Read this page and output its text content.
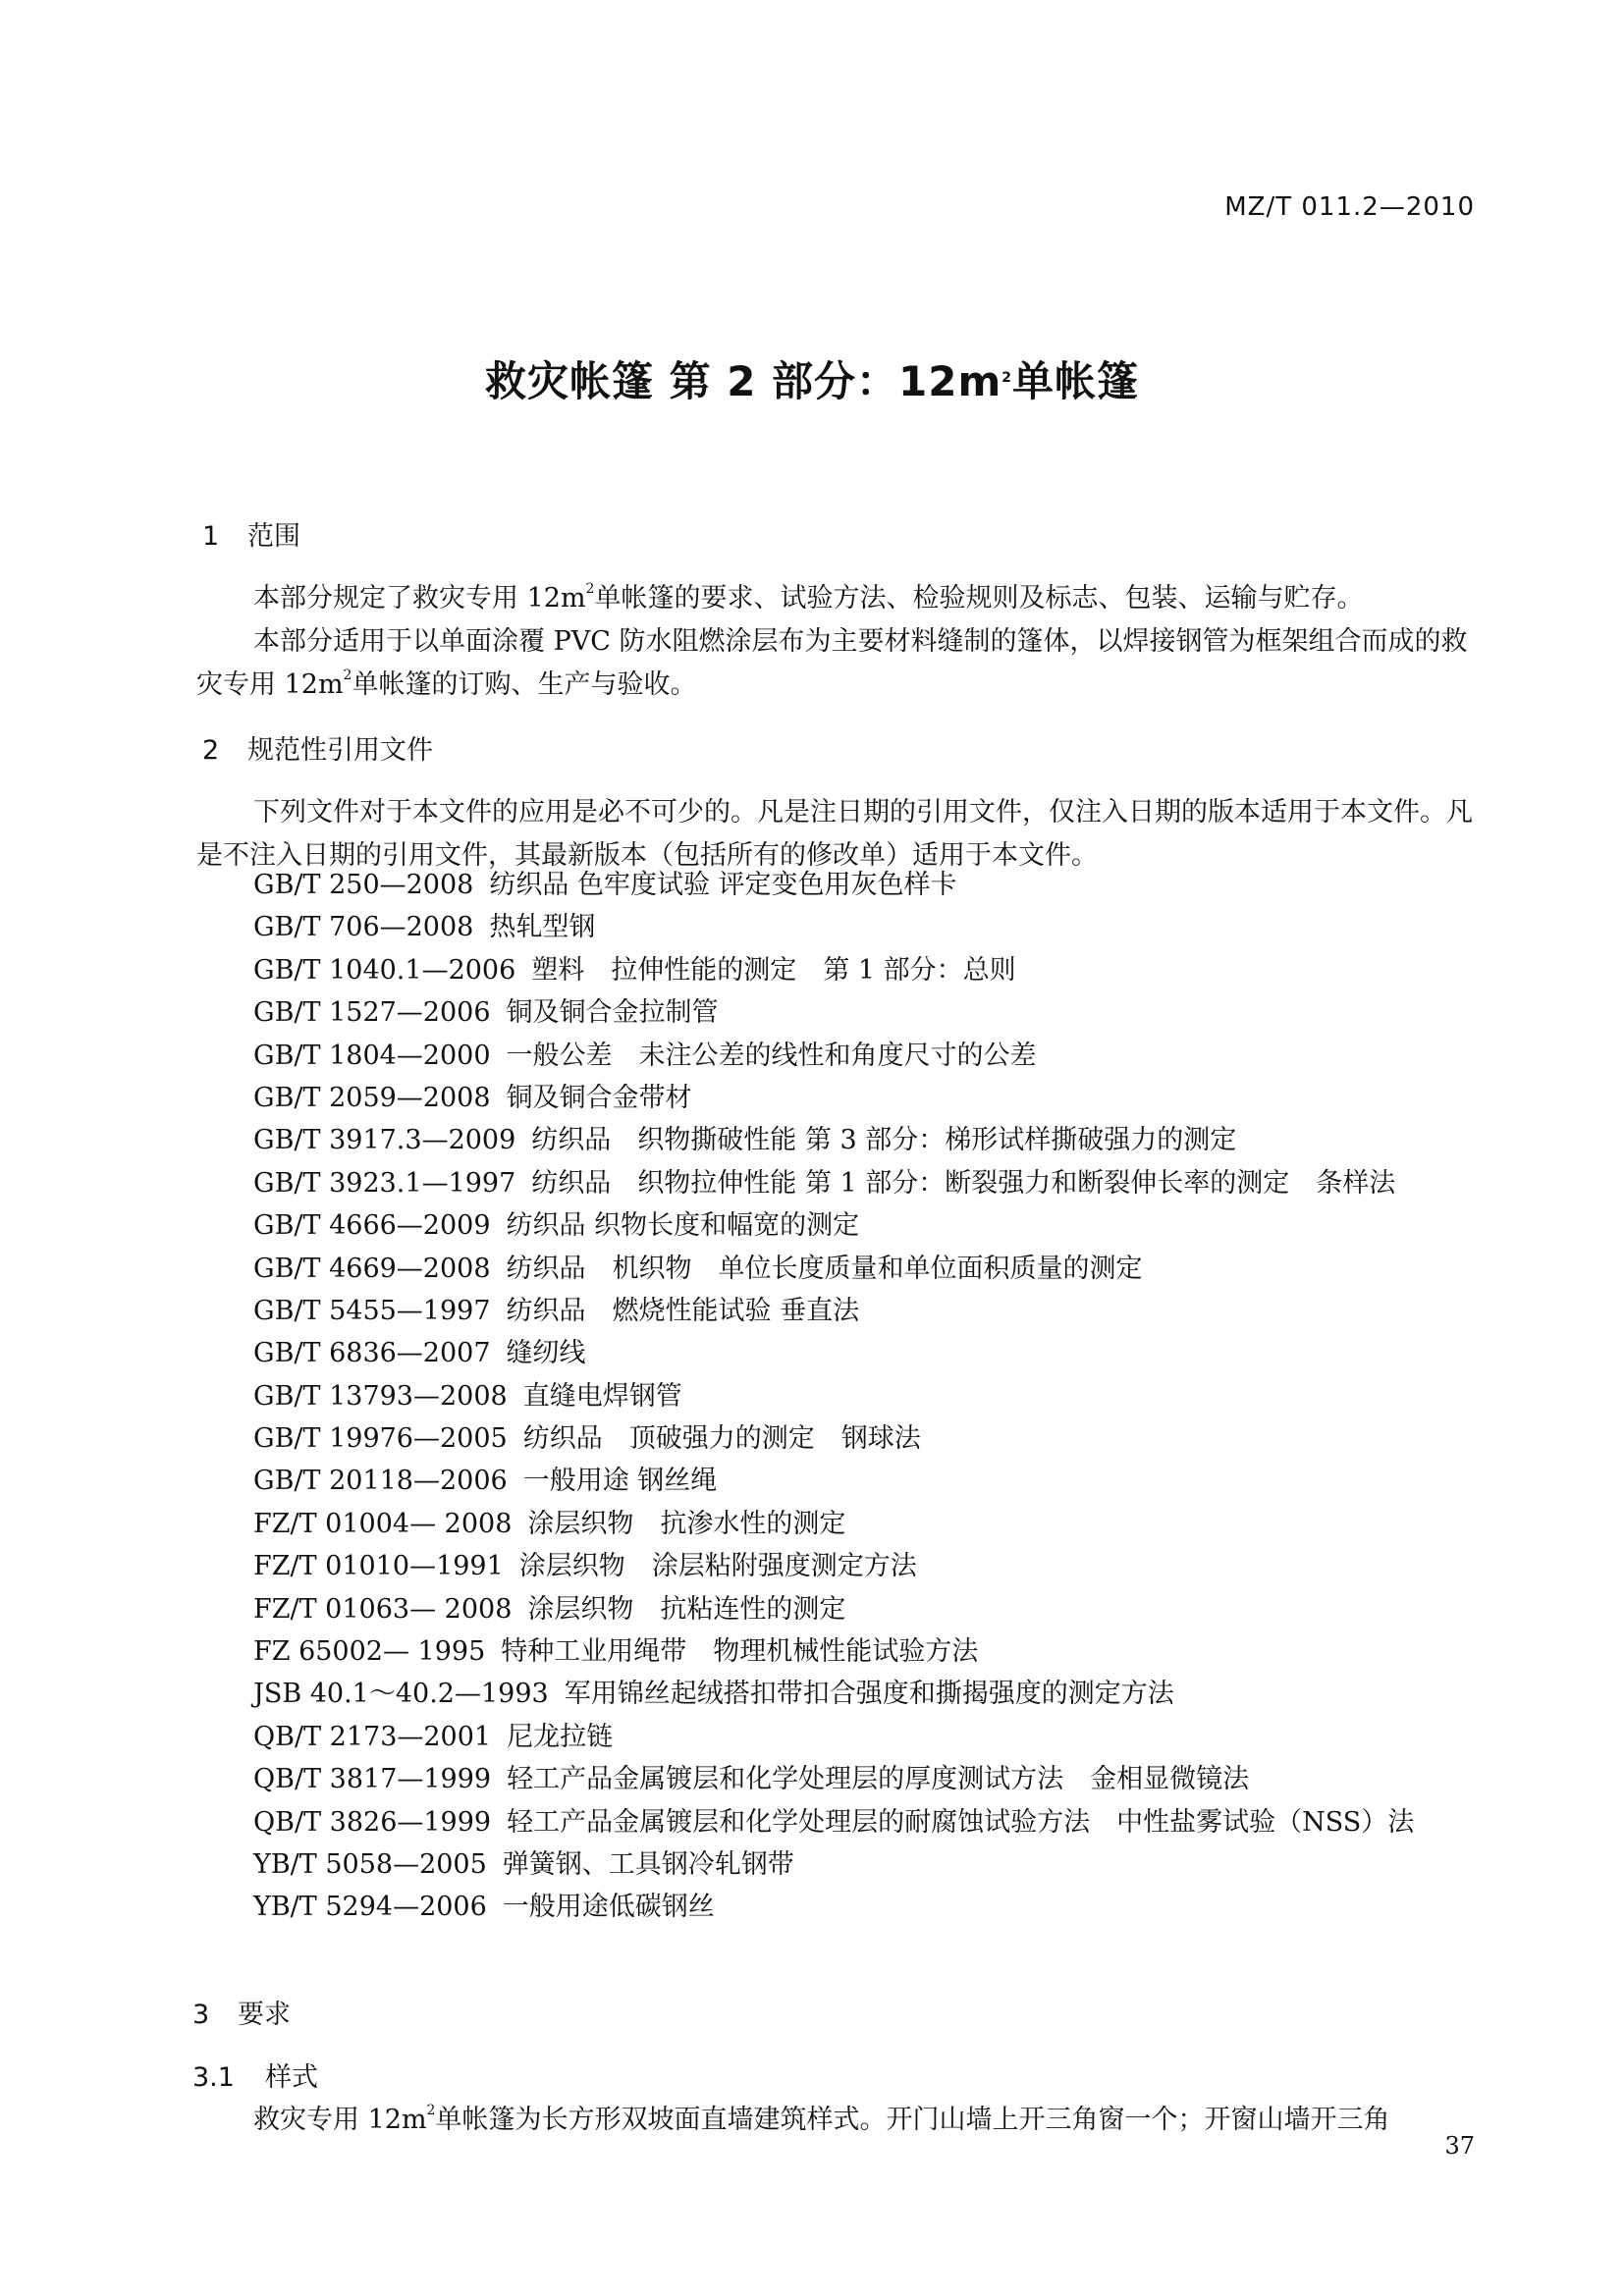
MZ/T 011.2—2010
救灾帐篷 第 2 部分：$12m^2$单帐篷
1 范围
本部分规定了救灾专用 $12m^2$单帐篷的要求、试验方法、检验规则及标志、包装、运输与贮存。
本部分适用于以单面涂覆 PVC 防水阻燃涂层布为主要材料缝制的篷体，以焊接钢管为框架组合而成的救灾专用 $12m^2$单帐篷的订购、生产与验收。
2 规范性引用文件
下列文件对于本文件的应用是必不可少的。凡是注日期的引用文件，仅注入日期的版本适用于本文件。凡是不注入日期的引用文件，其最新版本（包括所有的修改单）适用于本文件。
GB/T 250—2008 纺织品 色牢度试验 评定变色用灰色样卡
GB/T 706—2008 热轧型钢
GB/T 1040.1—2006 塑料　拉伸性能的测定　第 1 部分：总则
GB/T 1527—2006 铜及铜合金拉制管
GB/T 1804—2000 一般公差　未注公差的线性和角度尺寸的公差
GB/T 2059—2008 铜及铜合金带材
GB/T 3917.3—2009 纺织品　织物撕破性能 第 3 部分：梯形试样撕破强力的测定
GB/T 3923.1—1997 纺织品　织物拉伸性能 第 1 部分：断裂强力和断裂伸长率的测定　条样法
GB/T 4666—2009 纺织品 织物长度和幅宽的测定
GB/T 4669—2008 纺织品　机织物　单位长度质量和单位面积质量的测定
GB/T 5455—1997 纺织品　燃烧性能试验 垂直法
GB/T 6836—2007 缝纫线
GB/T 13793—2008 直缝电焊钢管
GB/T 19976—2005 纺织品　顶破强力的测定　钢球法
GB/T 20118—2006 一般用途 钢丝绳
FZ/T 01004— 2008 涂层织物　抗渗水性的测定
FZ/T 01010—1991 涂层织物　涂层粘附强度测定方法
FZ/T 01063— 2008 涂层织物　抗粘连性的测定
FZ 65002— 1995 特种工业用绳带　物理机械性能试验方法
JSB 40.1～40.2—1993 军用锦丝起绒搭扣带扣合强度和撕揭强度的测定方法
QB/T 2173—2001 尼龙拉链
QB/T 3817—1999 轻工产品金属镀层和化学处理层的厚度测试方法　金相显微镜法
QB/T 3826—1999 轻工产品金属镀层和化学处理层的耐腐蚀试验方法　中性盐雾试验（NSS）法
YB/T 5058—2005 弹簧钢、工具钢冷轧钢带
YB/T 5294—2006 一般用途低碳钢丝
3 要求
3.1 样式
救灾专用 $12m^2$单帐篷为长方形双坡面直墙建筑样式。开门山墙上开三角窗一个；开窗山墙开三角
37
